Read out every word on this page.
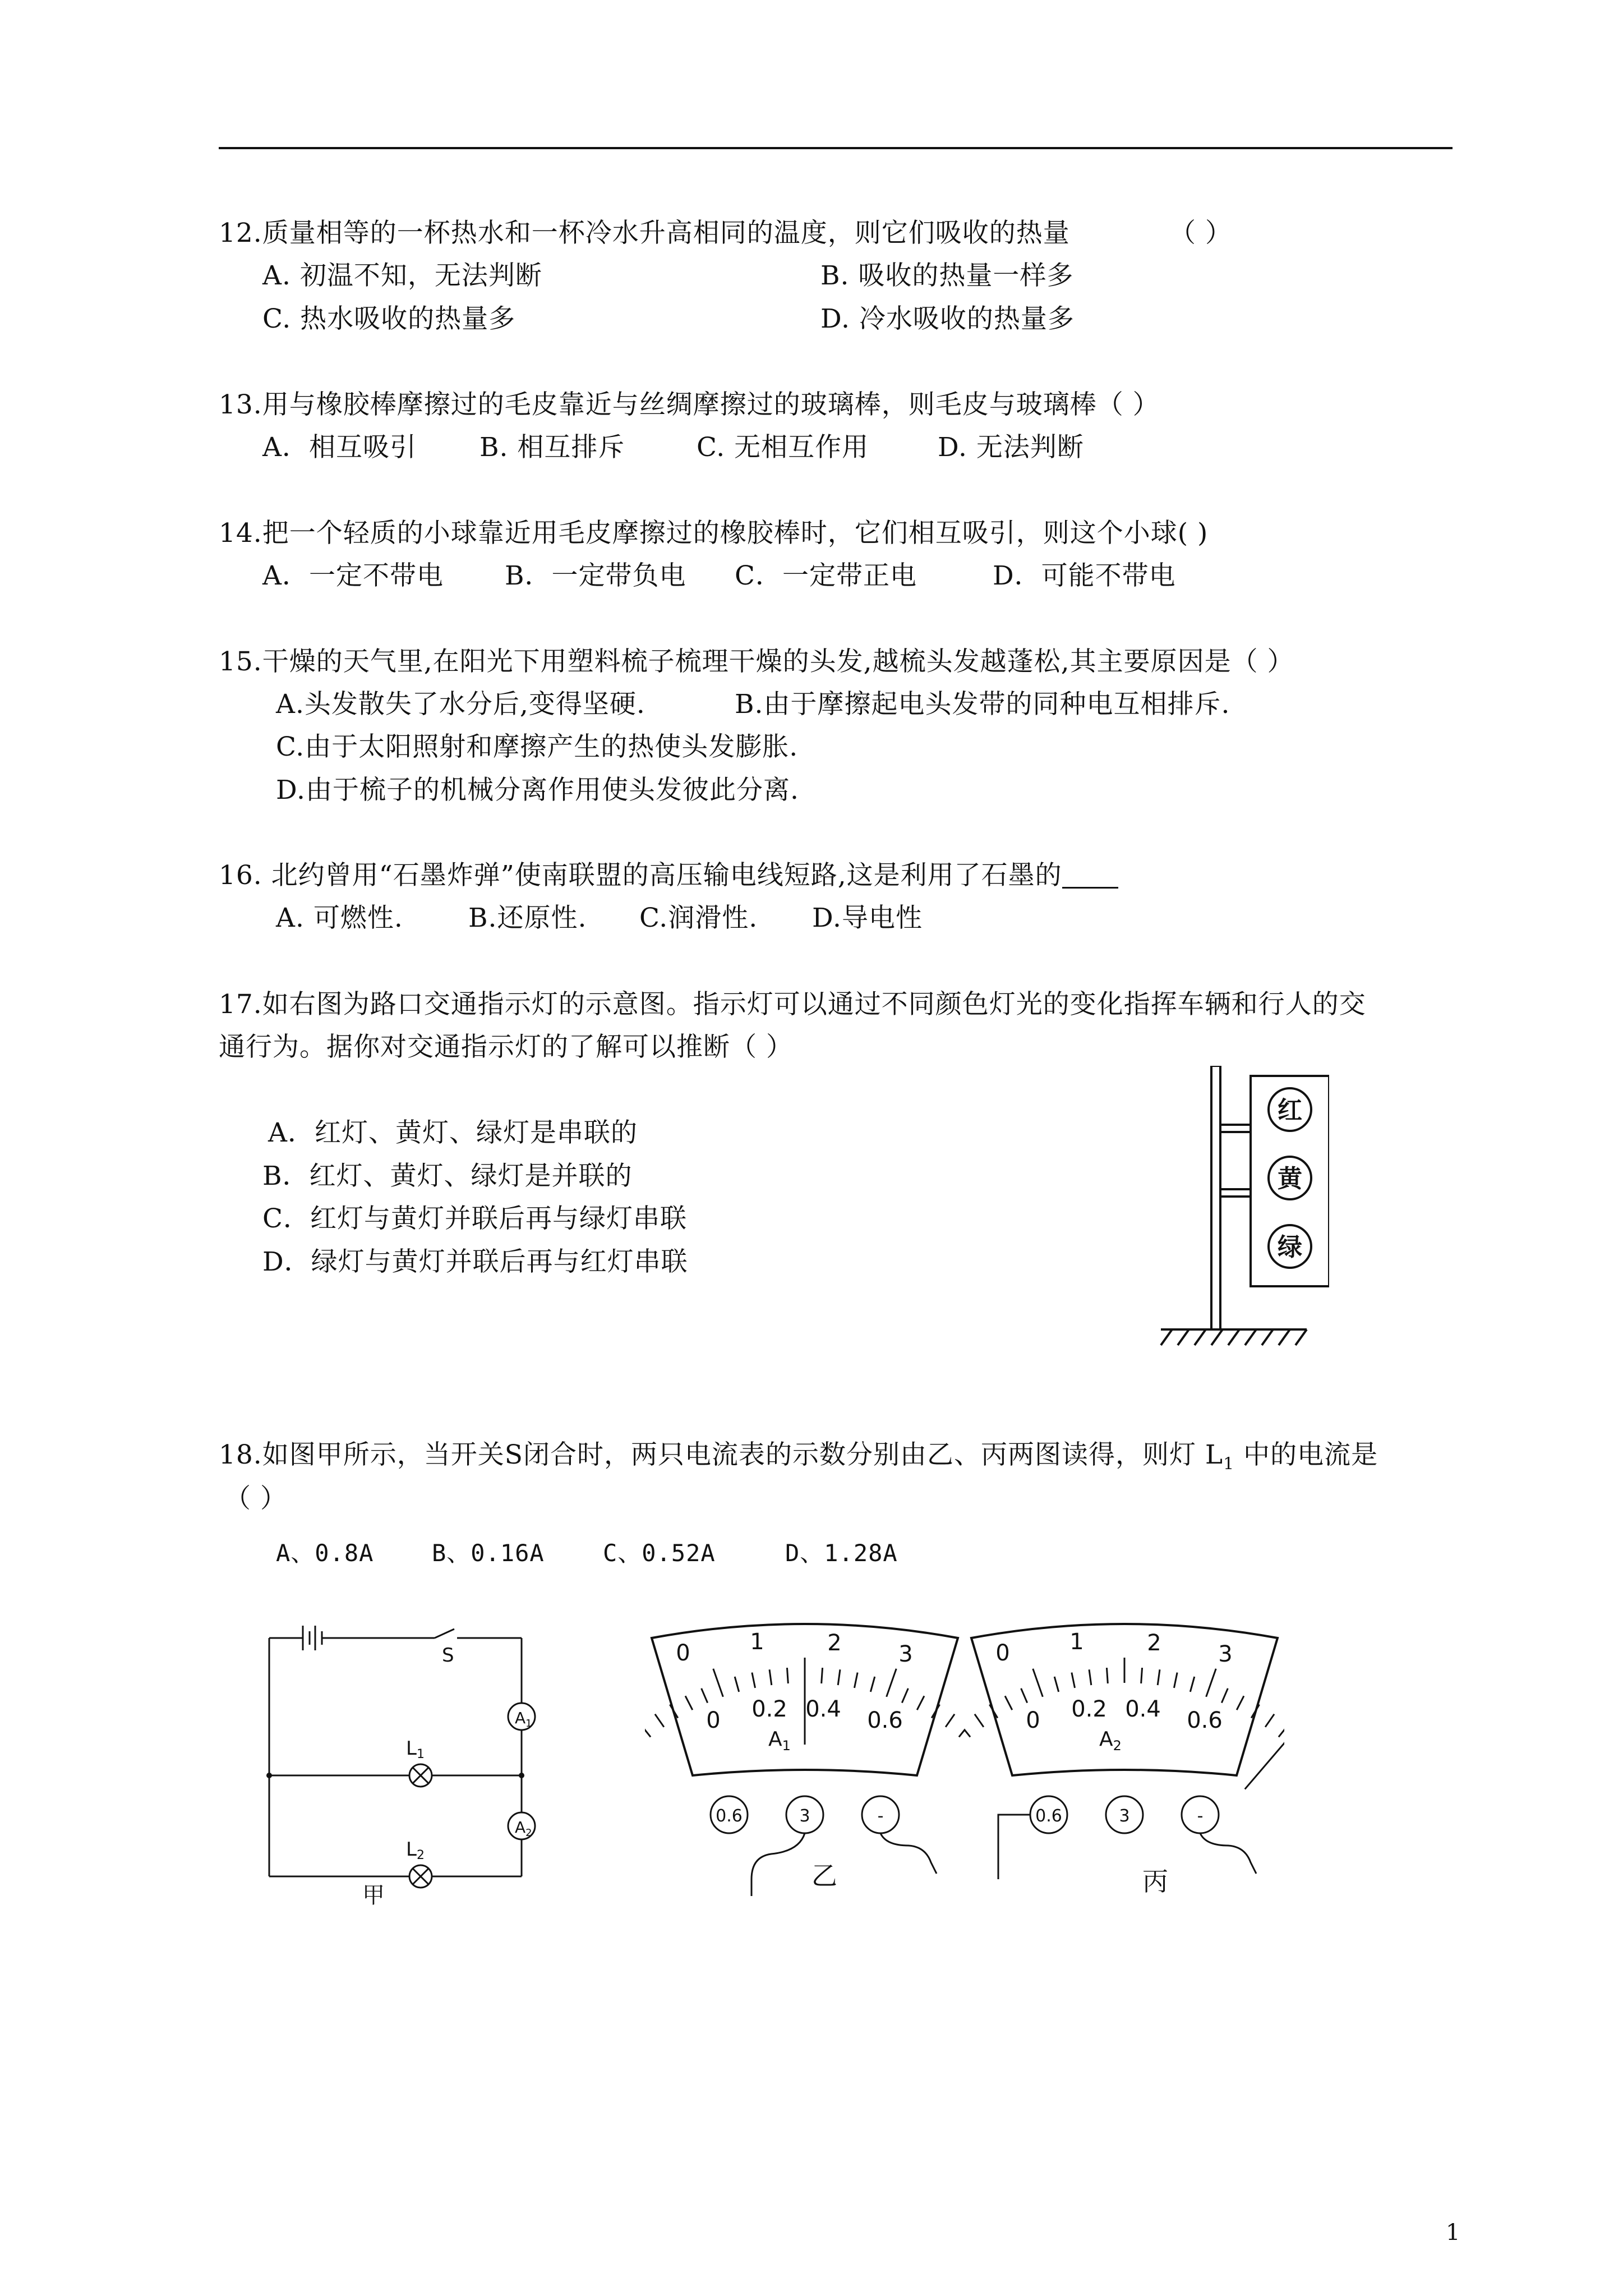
12.质量相等的一杯热水和一杯冷水升高相同的温度，则它们吸收的热量	（ ）
A. 初温不知，无法判断	B. 吸收的热量一样多
C. 热水吸收的热量多	D. 冷水吸收的热量多
13.用与橡胶棒摩擦过的毛皮靠近与丝绸摩擦过的玻璃棒，则毛皮与玻璃棒（ ）
A．相互吸引 B. 相互排斥	C. 无相互作用	D. 无法判断
14.把一个轻质的小球靠近用毛皮摩擦过的橡胶棒时，它们相互吸引，则这个小球( )
A．一定不带电 B．一定带负电 C．一定带正电	D．可能不带电
15.干燥的天气里,在阳光下用塑料梳子梳理干燥的头发,越梳头发越蓬松,其主要原因是（ ）
A.头发散失了水分后,变得坚硬.	B.由于摩擦起电头发带的同种电互相排斥.
C.由于太阳照射和摩擦产生的热使头发膨胀.
D.由于梳子的机械分离作用使头发彼此分离.
16. 北约曾用“石墨炸弹”使南联盟的高压输电线短路,这是利用了石墨的
A. 可燃性. B.还原性. C.润滑性. D.导电性
17.如右图为路口交通指示灯的示意图。指示灯可以通过不同颜色灯光的变化指挥车辆和行人的交
通行为。据你对交通指示灯的了解可以推断（ ）
A．红灯、黄灯、绿灯是串联的
B．红灯、黄灯、绿灯是并联的
C．红灯与黄灯并联后再与绿灯串联
D．绿灯与黄灯并联后再与红灯串联
红
黄
绿
18.如图甲所示，当开关S闭合时，两只电流表的示数分别由乙、丙两图读得，则灯 $L_1$ 中的电流是
（ ）
A、0.8A B、0.16A C、0.52A	D、1.28A
S
$A_1$
$A_2$
L1
L2
甲
0	1	2	3
0 0.2 0.4 0.6
$A_1$
0.6	3	-
乙
0	1	2	3
0 0.2 0.4 0.6
$A_2$
0.6	3	-
丙
1
